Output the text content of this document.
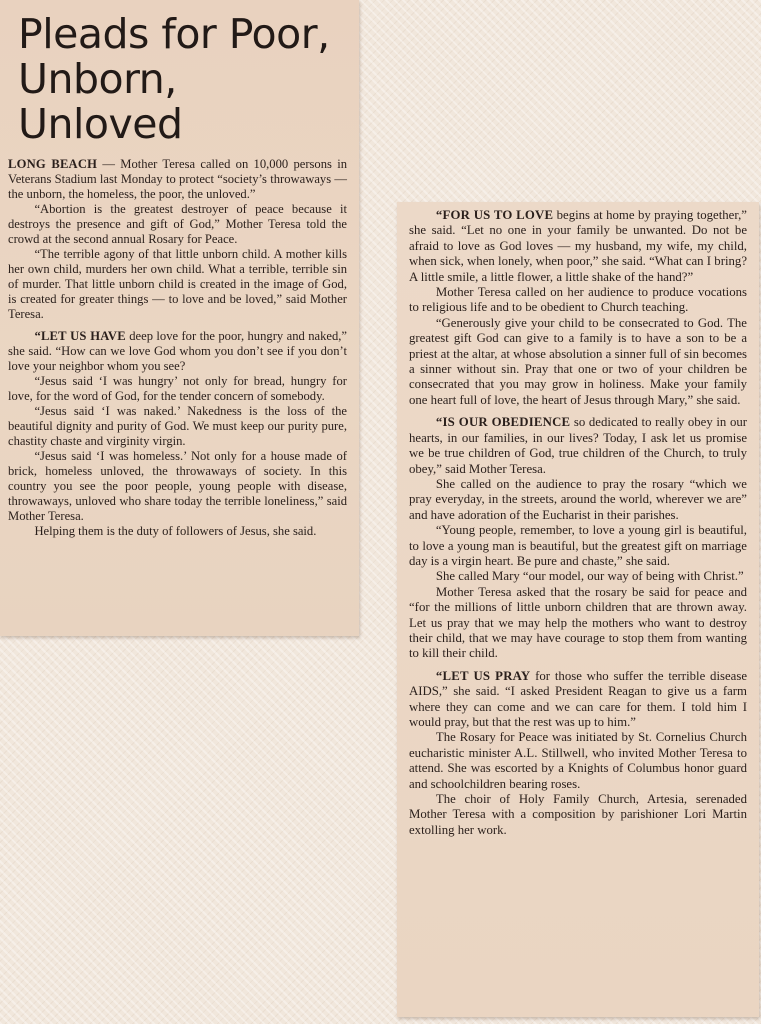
Pleads for Poor,
Unborn, Unloved

LONG BEACH — Mother Teresa called on 10,000 persons in Veterans Stadium last Monday to protect “society’s throwaways — the unborn, the homeless, the poor, the unloved.”

“Abortion is the greatest destroyer of peace because it destroys the presence and gift of God,” Mother Teresa told the crowd at the second annual Rosary for Peace.

“The terrible agony of that little unborn child. A mother kills her own child, murders her own child. What a terrible, terrible sin of murder. That little unborn child is created in the image of God, is created for greater things — to love and be loved,” said Mother Teresa.

“LET US HAVE deep love for the poor, hungry and naked,” she said. “How can we love God whom you don’t see if you don’t love your neighbor whom you see?

“Jesus said ‘I was hungry’ not only for bread, hungry for love, for the word of God, for the tender concern of somebody.

“Jesus said ‘I was naked.’ Nakedness is the loss of the beautiful dignity and purity of God. We must keep our purity pure, chastity chaste and virginity virgin.

“Jesus said ‘I was homeless.’ Not only for a house made of brick, homeless unloved, the throwaways of society. In this country you see the poor people, young people with disease, throwaways, unloved who share today the terrible loneliness,” said Mother Teresa.

Helping them is the duty of followers of Jesus, she said.

“FOR US TO LOVE begins at home by praying together,” she said. “Let no one in your family be unwanted. Do not be afraid to love as God loves — my husband, my wife, my child, when sick, when lonely, when poor,” she said. “What can I bring? A little smile, a little flower, a little shake of the hand?”

Mother Teresa called on her audience to produce vocations to religious life and to be obedient to Church teaching.

“Generously give your child to be consecrated to God. The greatest gift God can give to a family is to have a son to be a priest at the altar, at whose absolution a sinner full of sin becomes a sinner without sin. Pray that one or two of your children be consecrated that you may grow in holiness. Make your family one heart full of love, the heart of Jesus through Mary,” she said.

“IS OUR OBEDIENCE so dedicated to really obey in our hearts, in our families, in our lives? Today, I ask let us promise we be true children of God, true children of the Church, to truly obey,” said Mother Teresa.

She called on the audience to pray the rosary “which we pray everyday, in the streets, around the world, wherever we are” and have adoration of the Eucharist in their parishes.

“Young people, remember, to love a young girl is beautiful, to love a young man is beautiful, but the greatest gift on marriage day is a virgin heart. Be pure and chaste,” she said.

She called Mary “our model, our way of being with Christ.”

Mother Teresa asked that the rosary be said for peace and “for the millions of little unborn children that are thrown away. Let us pray that we may help the mothers who want to destroy their child, that we may have courage to stop them from wanting to kill their child.

“LET US PRAY for those who suffer the terrible disease AIDS,” she said. “I asked President Reagan to give us a farm where they can come and we can care for them. I told him I would pray, but that the rest was up to him.”

The Rosary for Peace was initiated by St. Cornelius Church eucharistic minister A.L. Stillwell, who invited Mother Teresa to attend. She was escorted by a Knights of Columbus honor guard and schoolchildren bearing roses.

The choir of Holy Family Church, Artesia, serenaded Mother Teresa with a composition by parishioner Lori Martin extolling her work.
